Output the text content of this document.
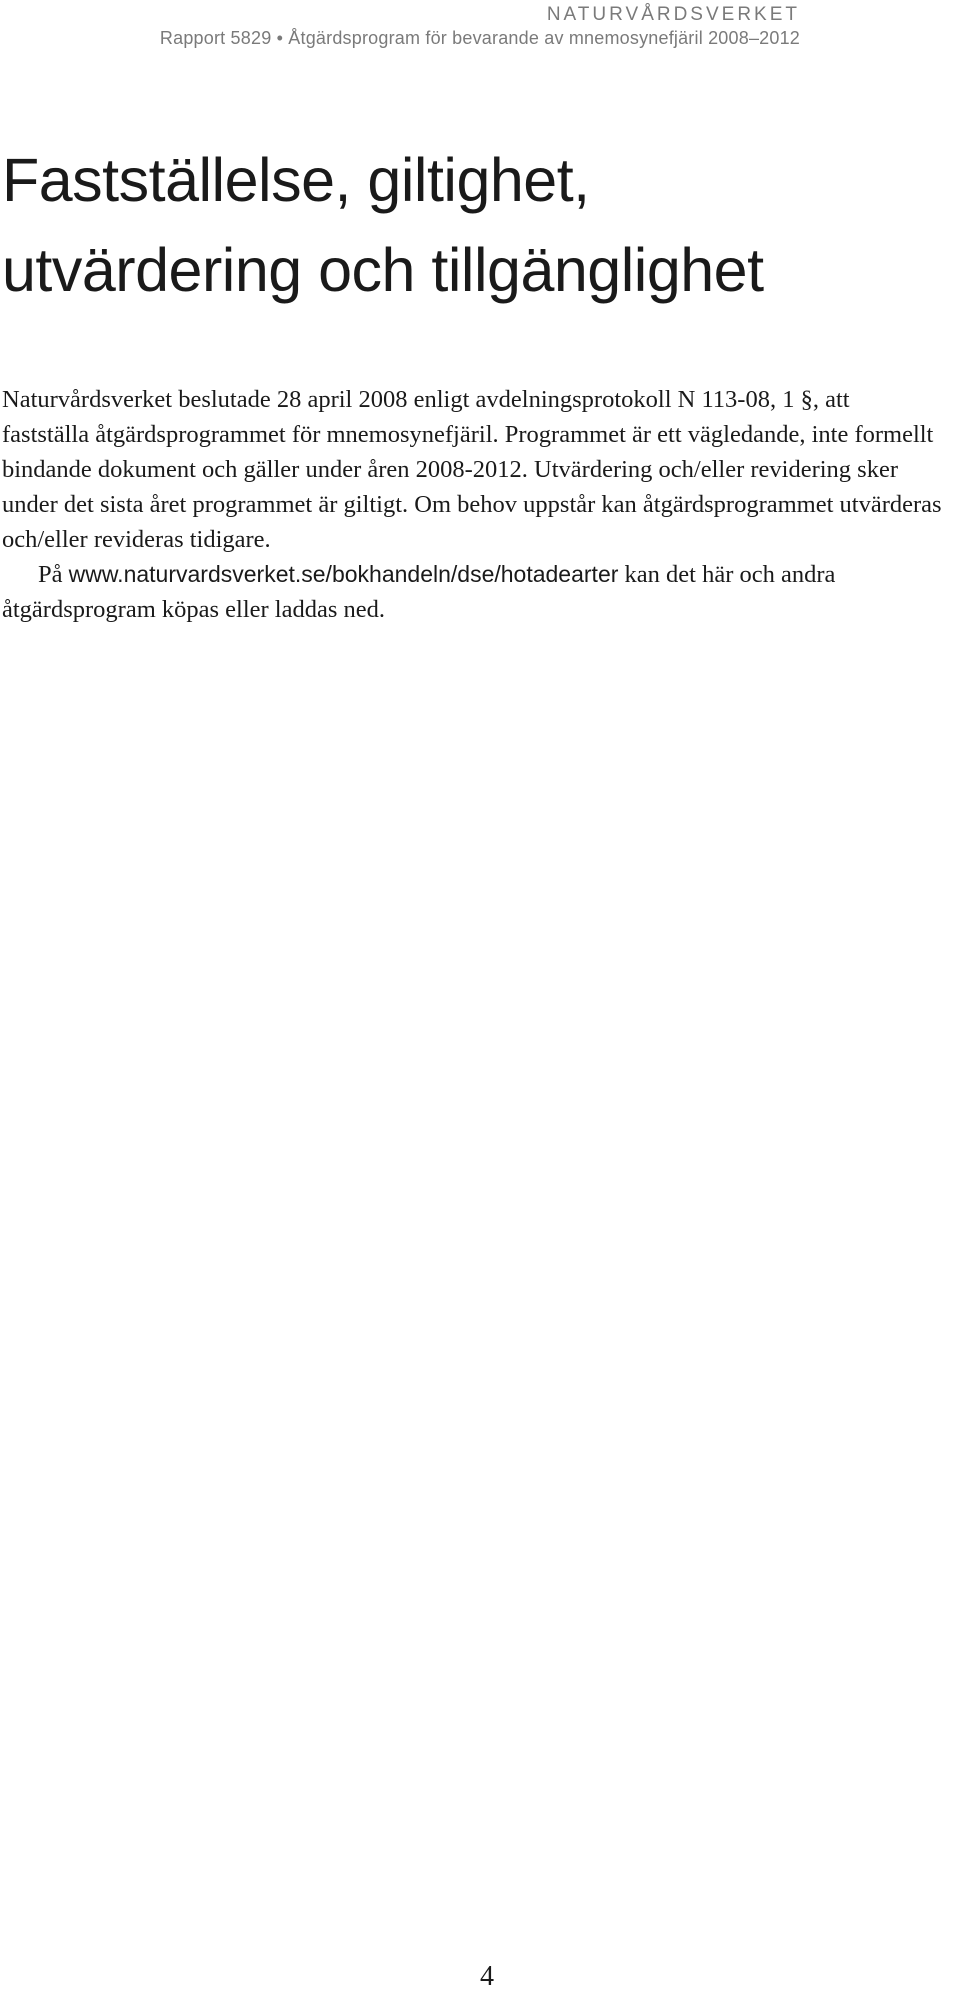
NATURVÅRDSVERKET
Rapport 5829 • Åtgärdsprogram för bevarande av mnemosynefjäril 2008–2012
Fastställelse, giltighet,
utvärdering och tillgänglighet

Naturvårdsverket beslutade 28 april 2008 enligt avdelningsprotokoll N 113-08, 1 §, att fastställa åtgärdsprogrammet för mnemosynefjäril. Programmet är ett vägledande, inte formellt bindande dokument och gäller under åren 2008-2012. Utvärdering och/eller revidering sker under det sista året programmet är giltigt. Om behov uppstår kan åtgärdsprogrammet utvärderas och/eller revideras tidigare.

På www.naturvardsverket.se/bokhandeln/dse/hotadearter kan det här och andra åtgärdsprogram köpas eller laddas ned.

4
